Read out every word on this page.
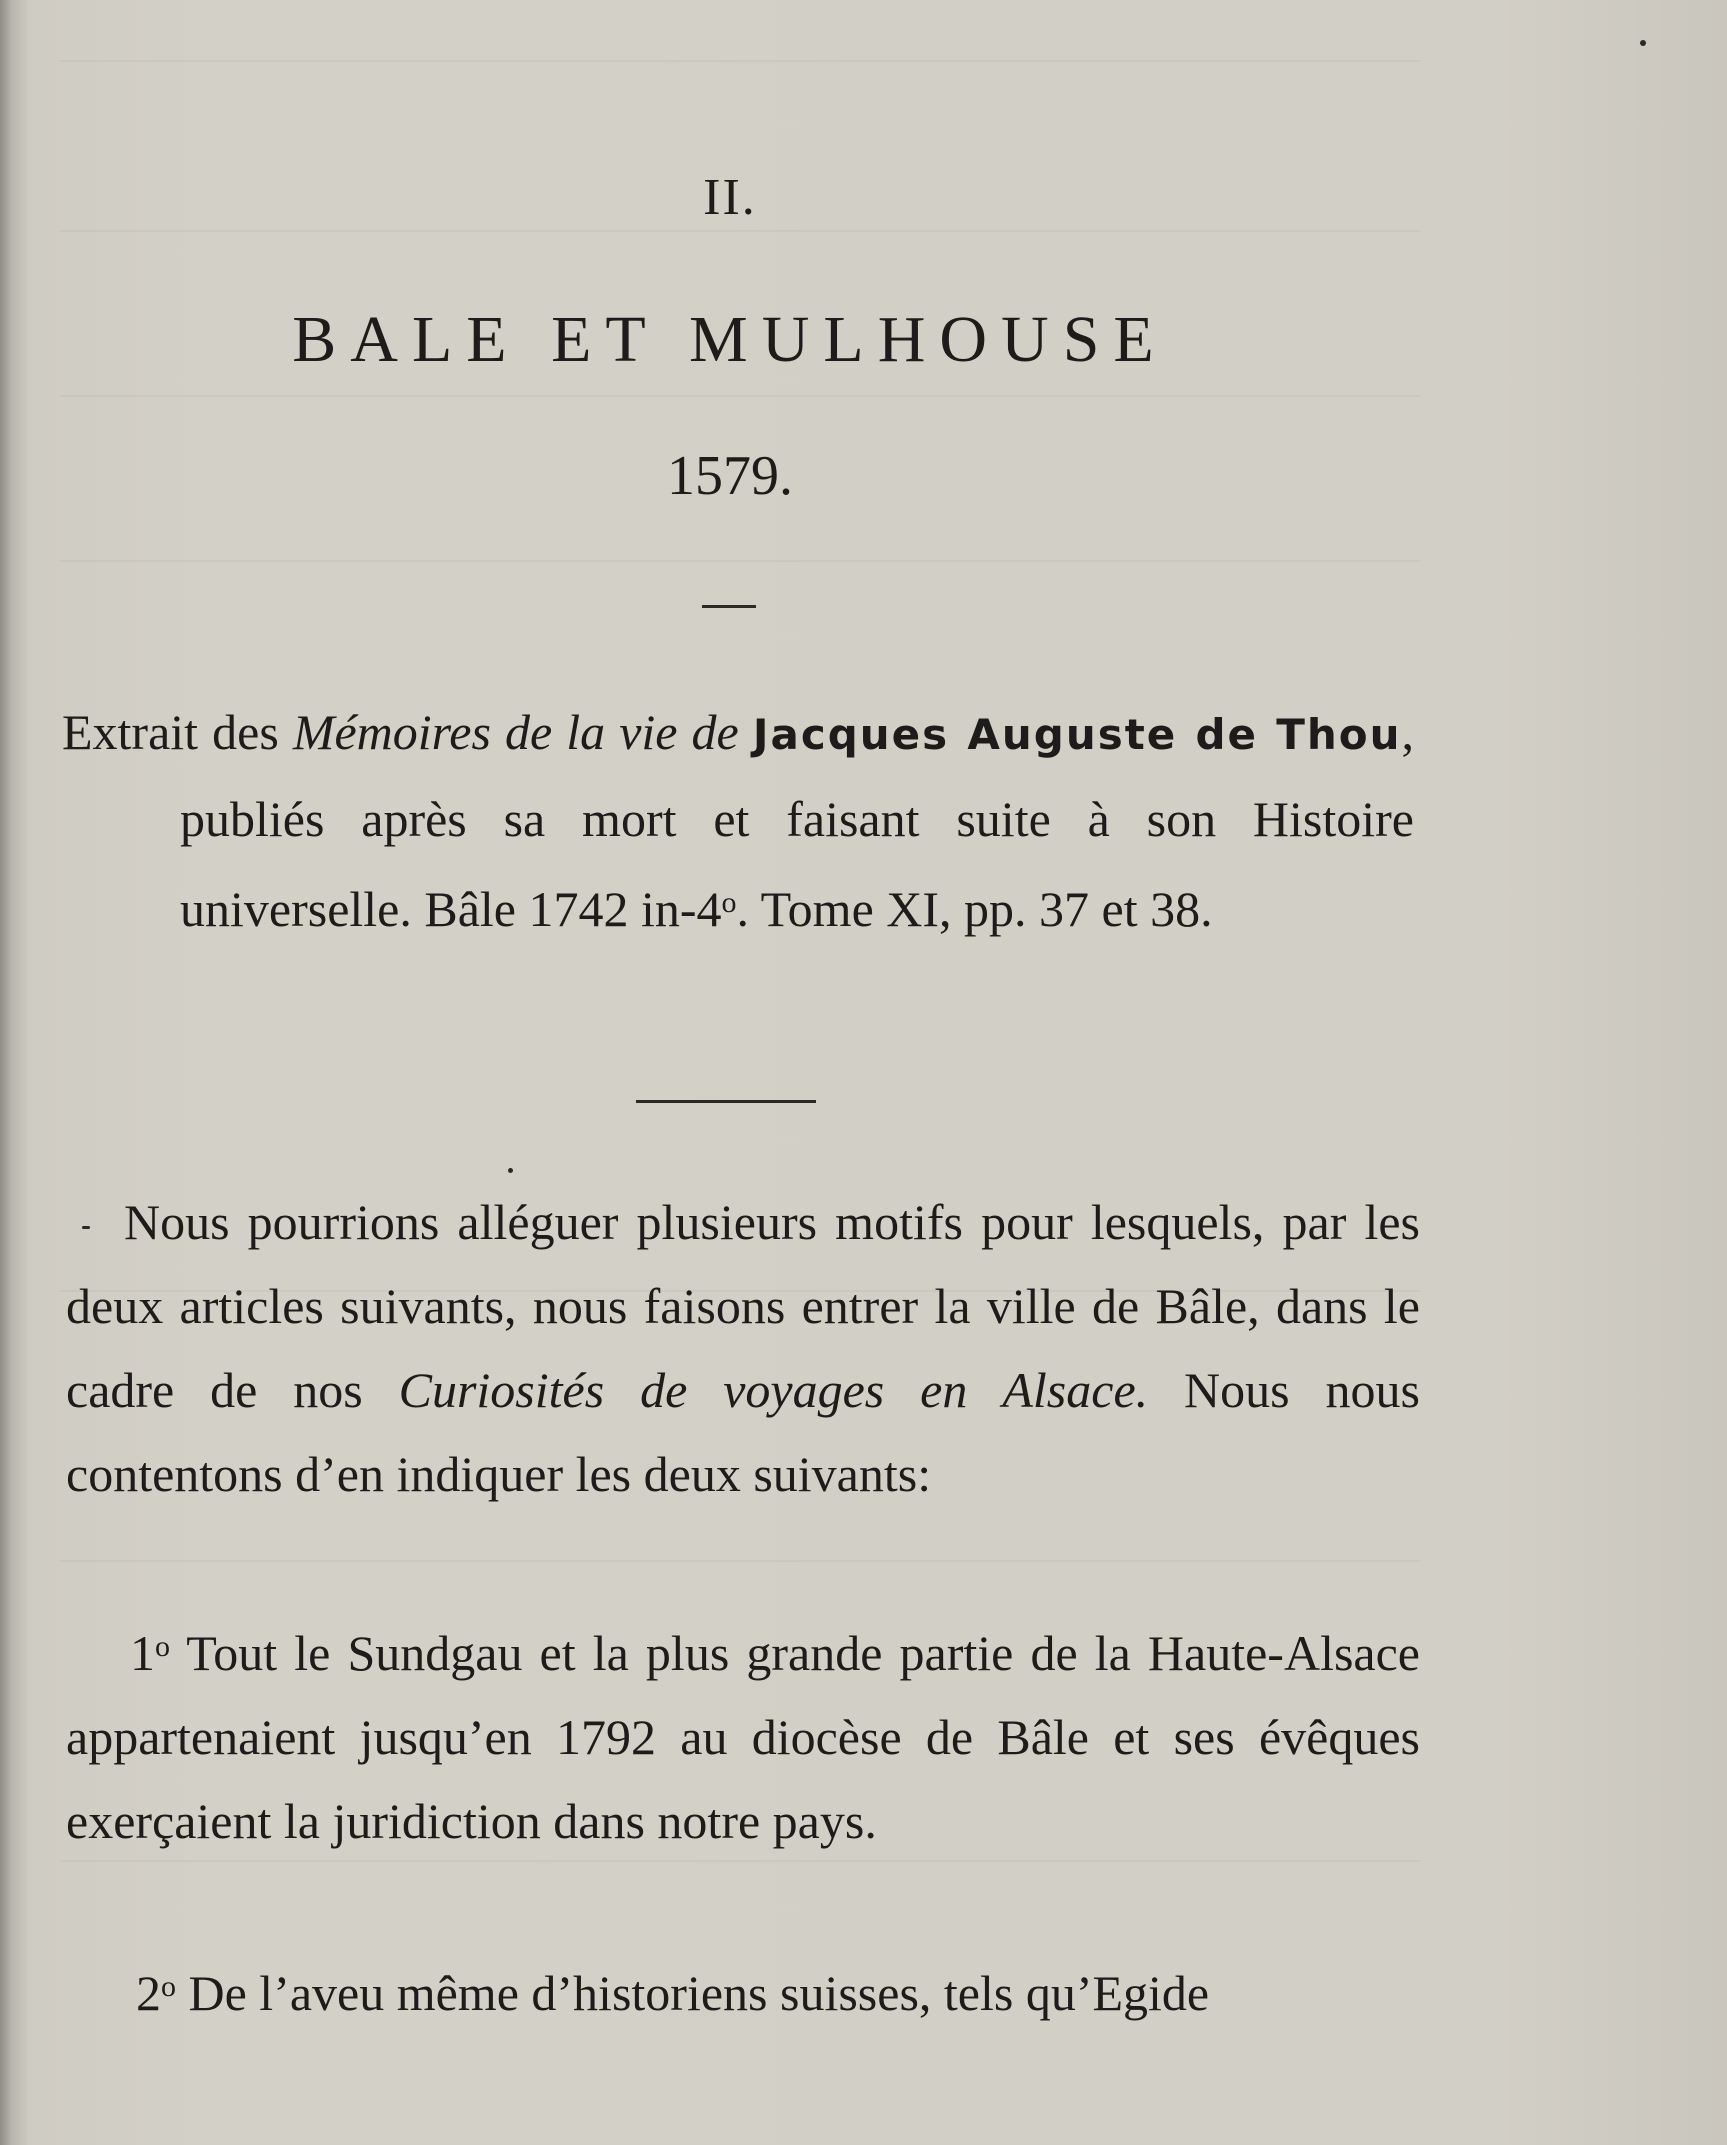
II.
BALE ET MULHOUSE
1579.
Extrait des Mémoires de la vie de Jacques Auguste de Thou, publiés après sa mort et faisant suite à son Histoire universelle. Bâle 1742 in-4$^o$. Tome XI, pp. 37 et 38.
Nous pourrions alléguer plusieurs motifs pour lesquels, par les deux articles suivants, nous faisons entrer la ville de Bâle, dans le cadre de nos Curiosités de voyages en Alsace. Nous nous contentons d’en indiquer les deux suivants:
1$^o$ Tout le Sundgau et la plus grande partie de la Haute-Alsace appartenaient jusqu’en 1792 au diocèse de Bâle et ses évêques exerçaient la juridiction dans notre pays.
2$^o$ De l’aveu même d’historiens suisses, tels qu’Egide
